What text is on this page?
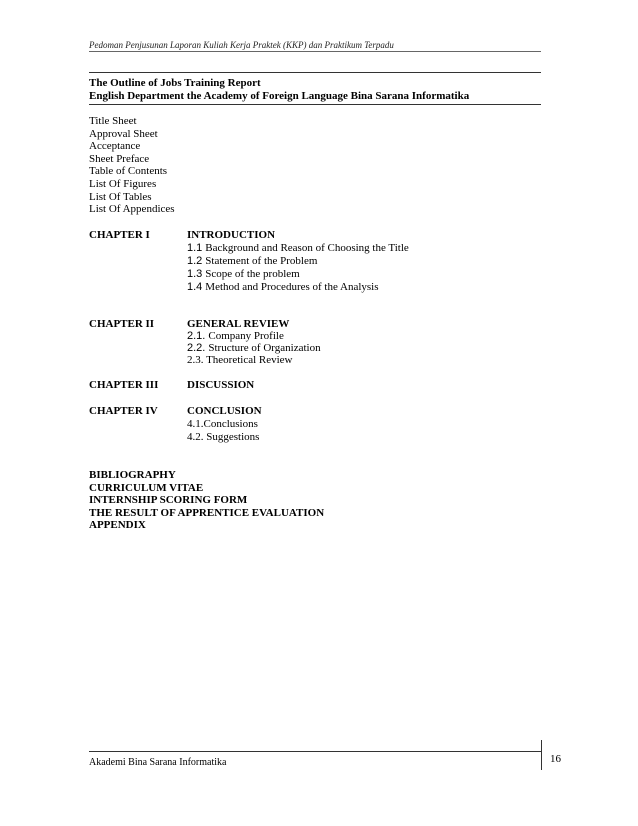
Pedoman Penjusunan Laporan Kuliah Kerja Praktek (KKP) dan Praktikum Terpadu
The Outline of Jobs Training Report
English Department the Academy of Foreign Language Bina Sarana Informatika
Title Sheet
Approval Sheet
Acceptance
Sheet Preface
Table of Contents
List Of Figures
List Of Tables
List Of Appendices
CHAPTER I	INTRODUCTION
1.1 Background and Reason of Choosing the Title
1.2 Statement of the Problem
1.3 Scope of the problem
1.4 Method and Procedures of the Analysis
CHAPTER II	GENERAL REVIEW
2.1. Company Profile
2.2. Structure of Organization
2.3. Theoretical Review
CHAPTER III	DISCUSSION
CHAPTER IV	CONCLUSION
4.1.Conclusions
4.2. Suggestions
BIBLIOGRAPHY
CURRICULUM VITAE
INTERNSHIP SCORING FORM
THE RESULT OF APPRENTICE EVALUATION
APPENDIX
Akademi Bina Sarana Informatika	16
